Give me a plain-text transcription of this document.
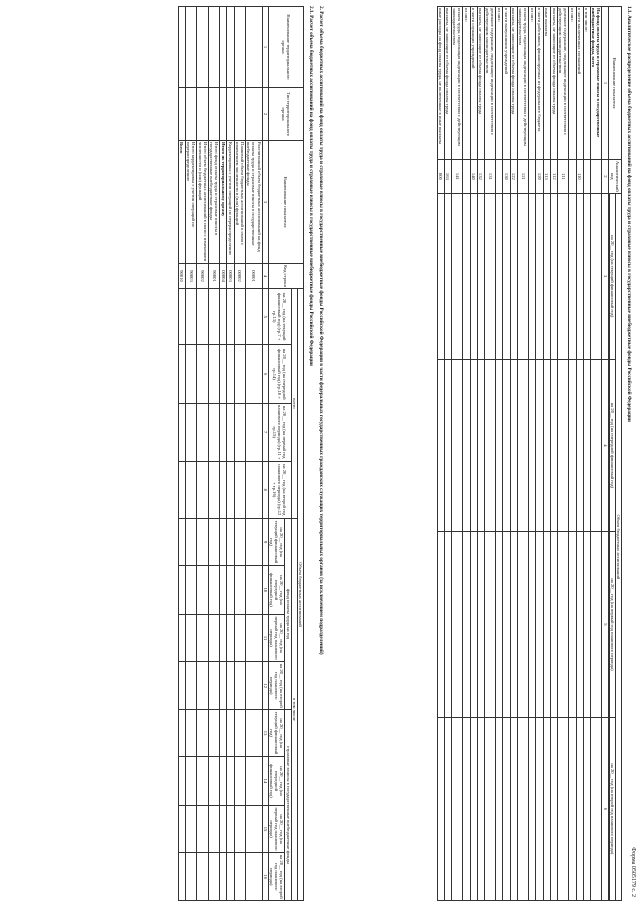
Форма 0505179 с. 2
1.1. Аналитическое распределение объема бюджетных ассигнований на фонд оплаты труда и страховые взносы в государственные внебюджетные фонды Российской Федерации
Наименование показателя	Аналитический код	Объем бюджетных ассигнований			
		на 20__ год (на текущий финансовый год)	на 20__ год (на очередной финансовый год)	на 20__ год (на первый год планового периода)	на 20__ год (на второй год планового периода)

1	2	3	4	5	6
На фонд оплаты труда и страховые взносы в государственные внебюджетные фонды, всего					
в том числе:					
в части заключенных соглашений	110				
из них:					
денежное содержание, подлежащее индексации в соответствии с действующим законодательством	111				
выплаты, не зависящие от объема фонда оплаты труда	112				
иные выплаты	113				
в части работников, финансируемых из федерального бюджета	120				
из них:					
оплата труда, подлежащая индексации в соответствии с действующим законодательством	121				
выплаты, не зависящие от объема фонда оплаты труда	122				
в части выпускников учреждений	130				
из них:					
денежное содержание, подлежащее индексации в соответствии с действующим законодательством	131				
выплаты, не зависящие от объема фонда оплаты труда	132				
в части служащих учреждений	140				
из них:					
оплата труда, подлежащая индексации в соответствии с действующим законодательством	141				
выплаты, не зависящие от объема фонда оплаты труда	163				
иные расходы на фонд оплаты труда, не включенные в иные выплаты	000				
2. Расчет объема бюджетных ассигнований на фонд оплаты труда и страховые взносы в государственные внебюджетные фонды Российской Федерации в части федеральных государственных гражданских служащих территориальных органов (за исключением подразделений)
2.1. Расчет объема бюджетных ассигнований на фонд оплаты труда и страховые взносы в государственные внебюджетные фонды Российской Федерации
Наименование территориального органа	Тип территориального органа	Наименование показателя	Код строки	Объем бюджетных ассигнований											
				всего				в том числе							
				на 20__ год (на текущий финансовый год) (гр.7 + гр.13)	на 20__ год (на очередной финансовый год) (гр.10 + гр.14)	на 20__ год (на первый год планового периода) (гр.11 + гр.15)	на 20__ год (на второй год планового периода) (гр.12 + гр.16)	фонд оплаты труда на год				страховые взносы в государственные внебюджетные фонды			
								на 20__ год (на текущий финансовый год)	на 20__ год (на очередной финансовый год)	на 20__ год (на первый год планового периода)	на 20__ год (на второй год планового периода)	на 20__ год (на текущий финансовый год)	на 20__ год (на очередной финансовый год)	на 20__ год (на первый год планового периода)	на 20__ год (на второй год планового периода)
1	2	3	4	5	6	7	8	9	10	11	12	13	14	15	16
		Рассчитанный объем бюджетных ассигнований на фонд оплаты труда и страховые взносы в государственные внебюджетные фонды	00001												
		Плановый объем бюджетных ассигнований в связи с изменением численности и (или) функций	00002												
		Корректировка с учетом операций по перераспределению	00003												
		Итого по территориальному органу	00004												
		Итого фонд оплаты труда и страховые взносы в государственные внебюджетные фонды	90001												
		Итого объем бюджетных ассигнований в связи с изменением численности и (или) функций	90002												
		Итого корректировка с учетом операций по перераспределению	90003												
		Всего	90010												
